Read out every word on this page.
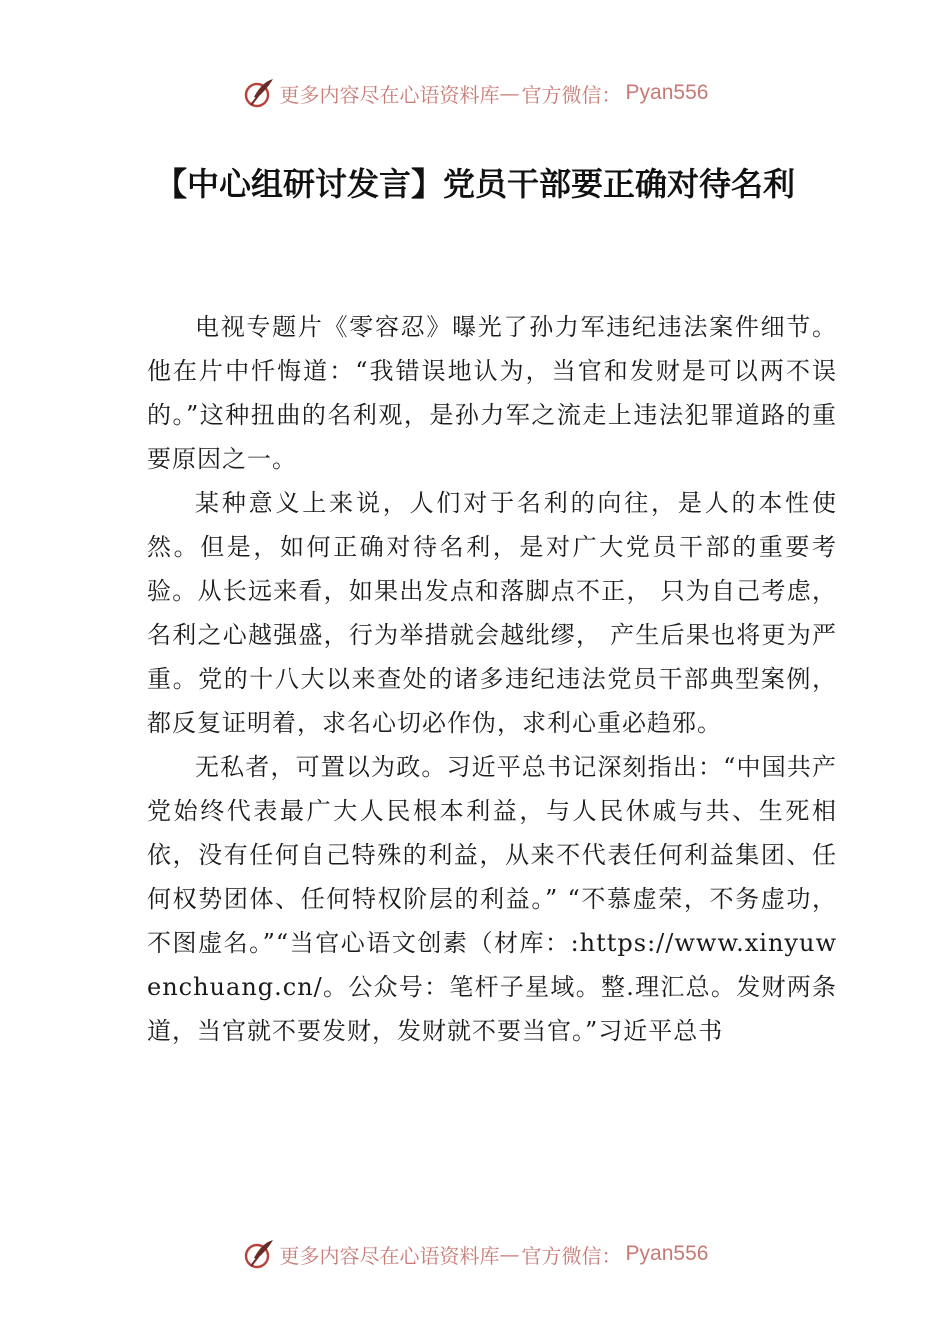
更多内容尽在心语资料库 — 官方微信： Pyan556
【中心组研讨发言】党员干部要正确对待名利

电视专题片《零容忍》曝光了孙力军违纪违法案件细节。他在片中忏悔道：“我错误地认为，当官和发财是可以两不误的。”这种扭曲的名利观，是孙力军之流走上违法犯罪道路的重要原因之一。

某种意义上来说，人们对于名利的向往，是人的本性使然。但是，如何正确对待名利，是对广大党员干部的重要考验。从长远来看，如果出发点和落脚点不正， 只为自己考虑，名利之心越强盛，行为举措就会越纰缪， 产生后果也将更为严重。党的十八大以来查处的诸多违纪违法党员干部典型案例，都反复证明着，求名心切必作伪，求利心重必趋邪。

无私者，可置以为政。习近平总书记深刻指出：“中国共产党始终代表最广大人民根本利益，与人民休戚与共、生死相依，没有任何自己特殊的利益，从来不代表任何利益集团、任何权势团体、任何特权阶层的利益。” “不慕虚荣，不务虚功，不图虚名。”“当官心语文创素（材库：:https://www.xinyuwenchuang.cn/。公众号：笔杆子星域。整.理汇总。发财两条道，当官就不要发财，发财就不要当官。”习近平总书

更多内容尽在心语资料库 — 官方微信： Pyan556
